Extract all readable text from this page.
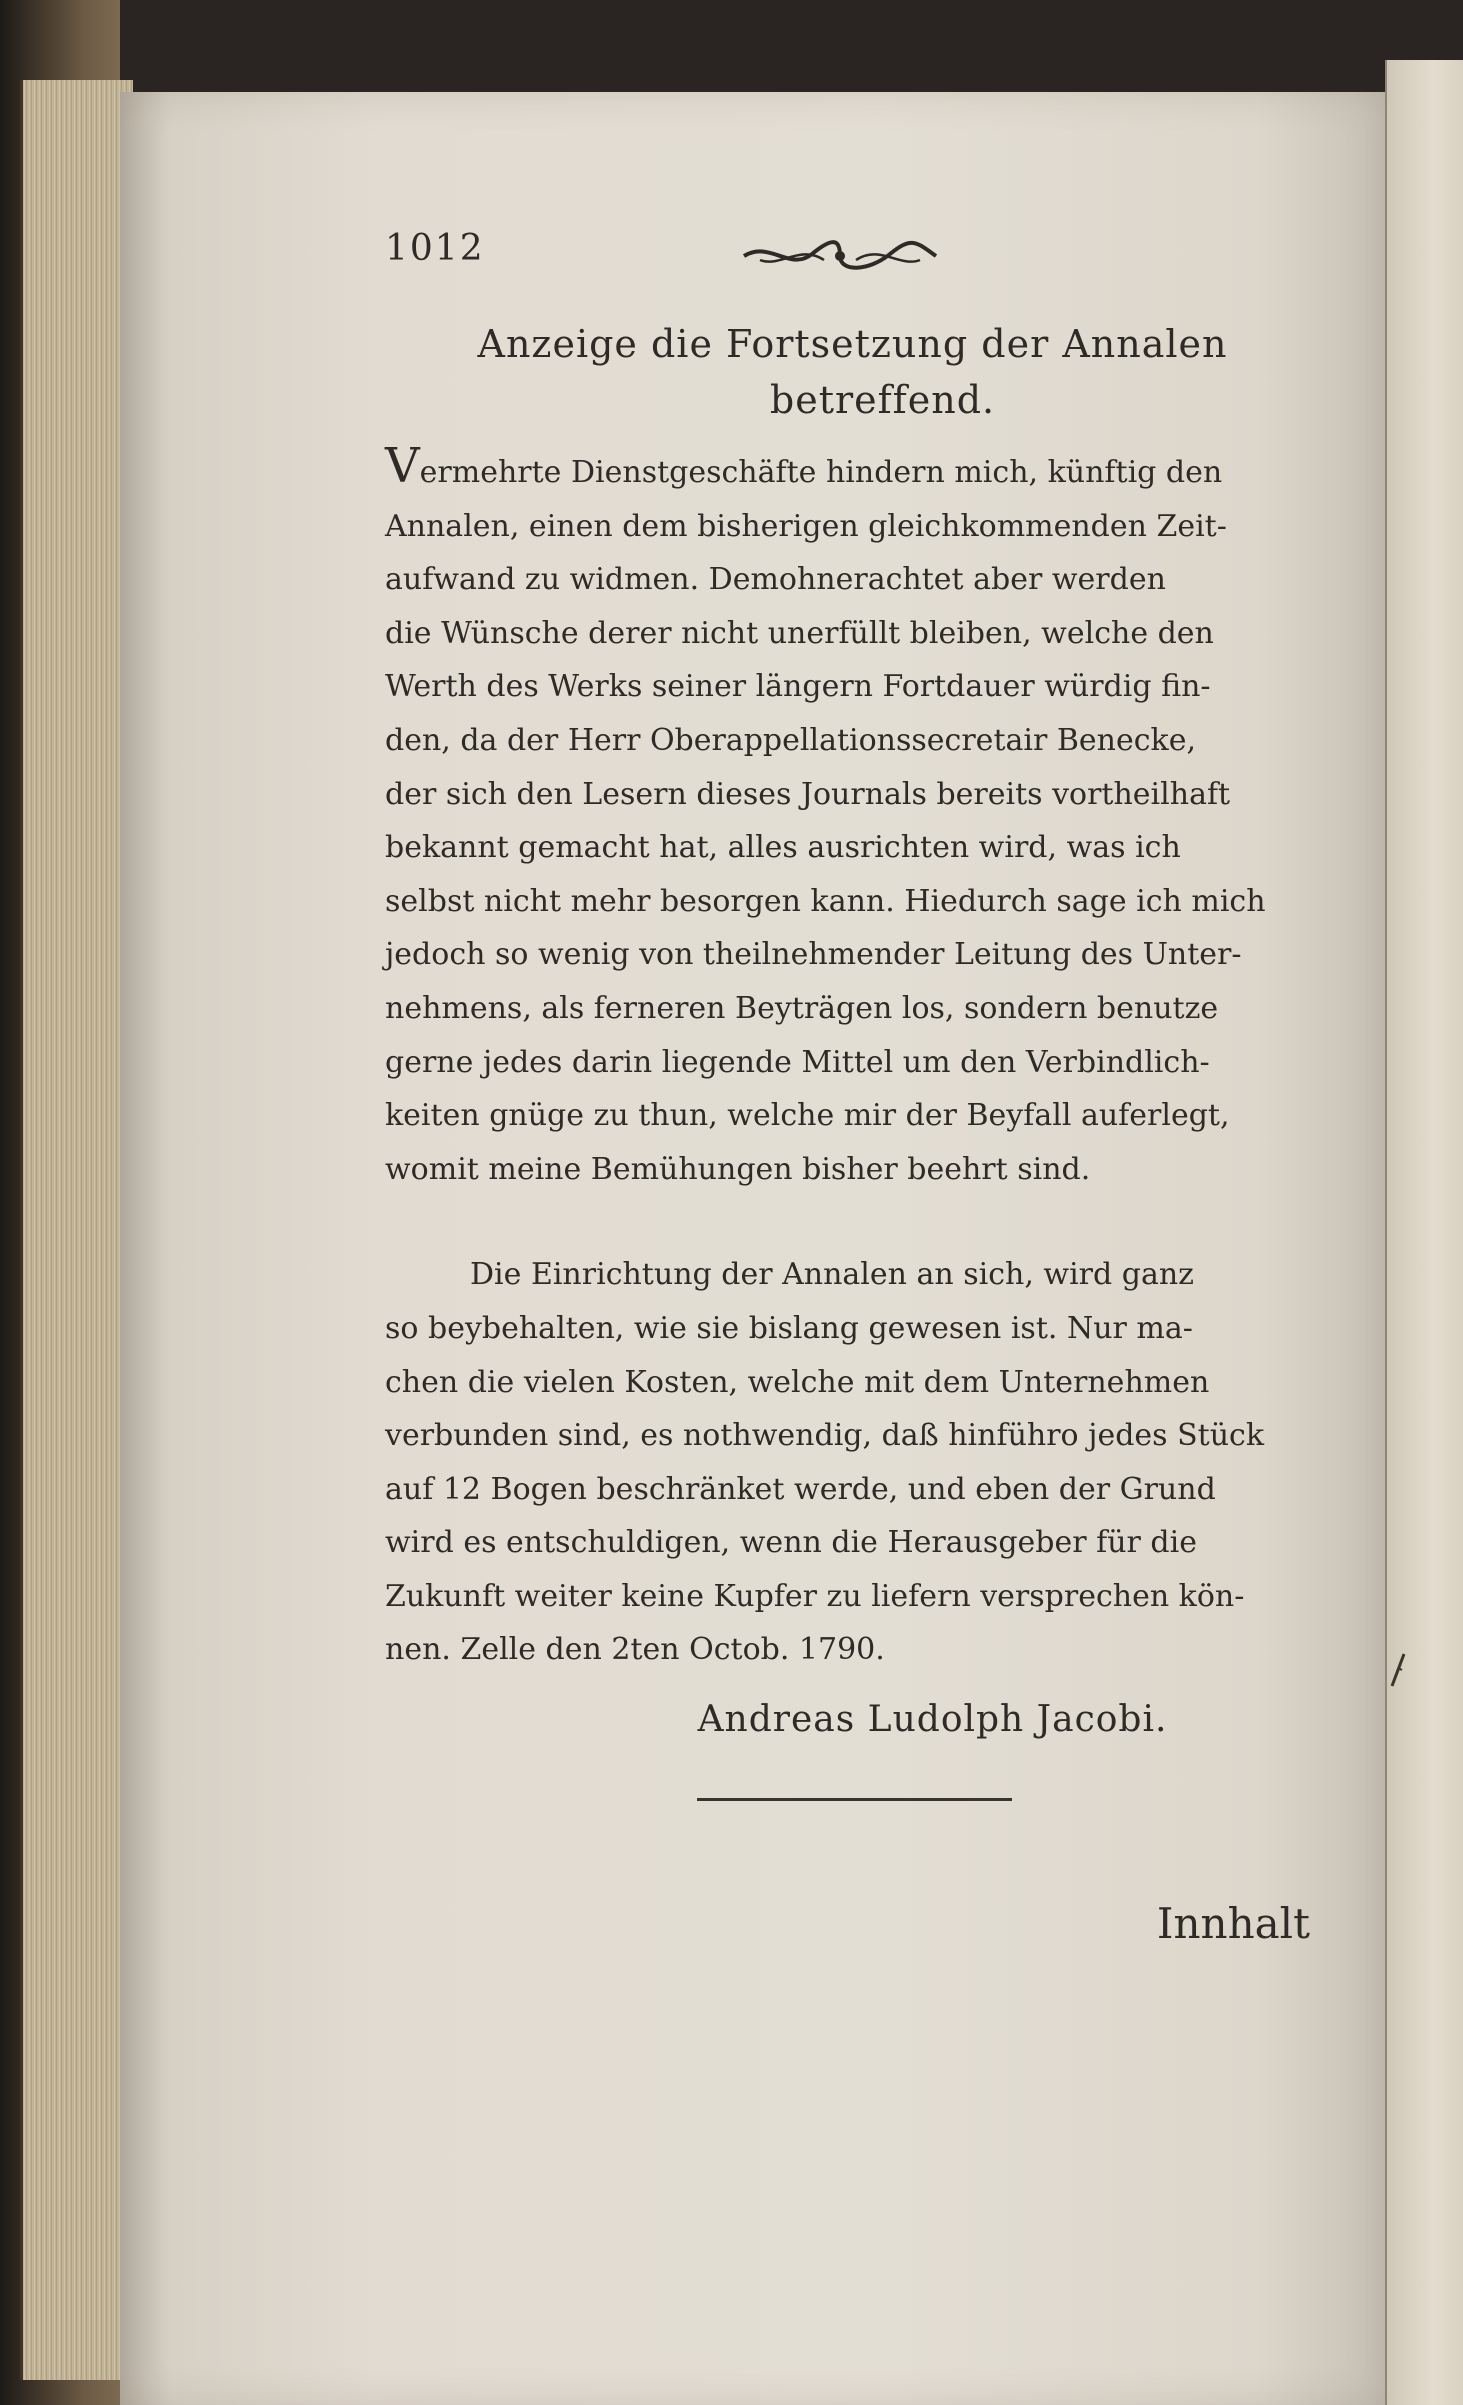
1012
Anzeige die Fortsetzung der Annalen
betreffend.
Vermehrte Dienstgeschäfte hindern mich, künftig den
Annalen, einen dem bisherigen gleichkommenden Zeit-
aufwand zu widmen. Demohnerachtet aber werden
die Wünsche derer nicht unerfüllt bleiben, welche den
Werth des Werks seiner längern Fortdauer würdig fin-
den, da der Herr Oberappellationssecretair Benecke,
der sich den Lesern dieses Journals bereits vortheilhaft
bekannt gemacht hat, alles ausrichten wird, was ich
selbst nicht mehr besorgen kann. Hiedurch sage ich mich
jedoch so wenig von theilnehmender Leitung des Unter-
nehmens, als ferneren Beyträgen los, sondern benutze
gerne jedes darin liegende Mittel um den Verbindlich-
keiten gnüge zu thun, welche mir der Beyfall auferlegt,
womit meine Bemühungen bisher beehrt sind.
Die Einrichtung der Annalen an sich, wird ganz
so beybehalten, wie sie bislang gewesen ist. Nur ma-
chen die vielen Kosten, welche mit dem Unternehmen
verbunden sind, es nothwendig, daß hinführo jedes Stück
auf 12 Bogen beschränket werde, und eben der Grund
wird es entschuldigen, wenn die Herausgeber für die
Zukunft weiter keine Kupfer zu liefern versprechen kön-
nen. Zelle den 2ten Octob. 1790.
Andreas Ludolph Jacobi.
Innhalt
